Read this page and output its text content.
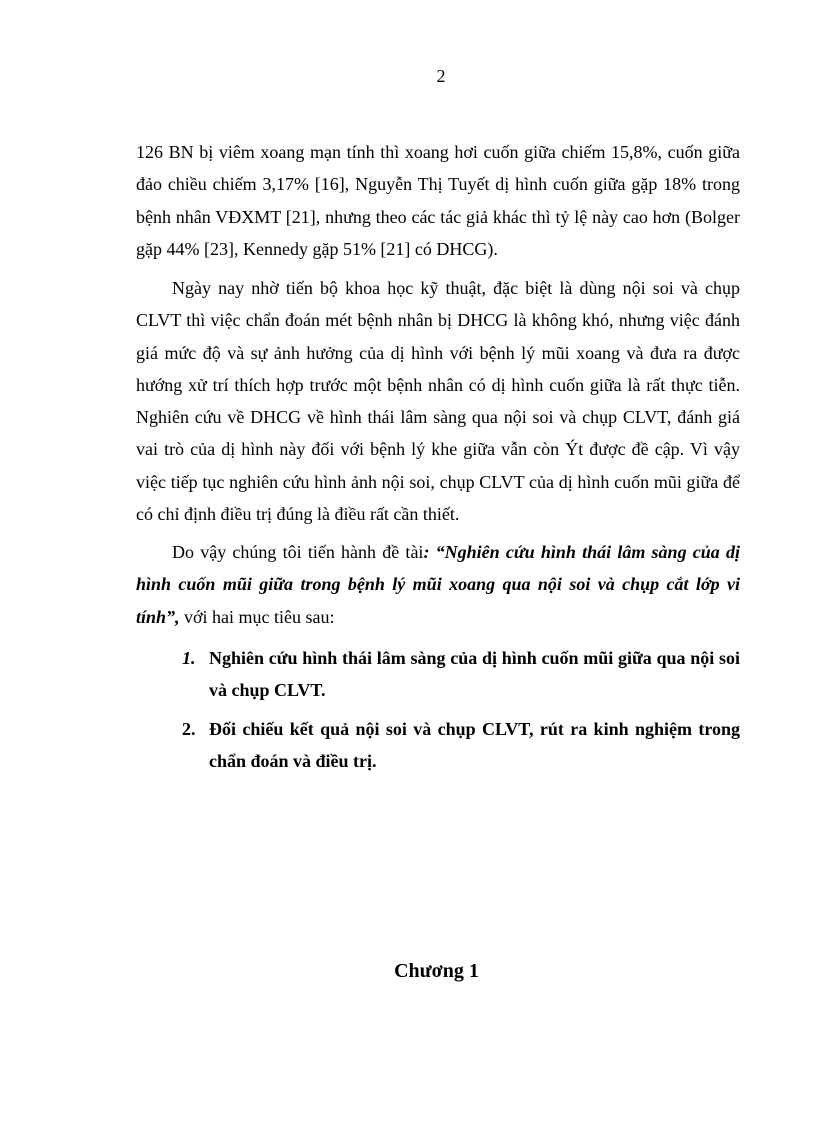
2

126 BN bị viêm xoang mạn tính thì xoang hơi cuốn giữa chiếm 15,8%, cuốn giữa đảo chiều chiếm 3,17% [16], Nguyễn Thị Tuyết dị hình cuốn giữa gặp 18% trong bệnh nhân VĐXMT [21], nhưng theo các tác giả khác thì tỷ lệ này cao hơn (Bolger gặp 44% [23], Kennedy gặp 51% [21] có DHCG).

Ngày nay nhờ tiến bộ khoa học kỹ thuật, đặc biệt là dùng nội soi và chụp CLVT thì việc chẩn đoán mét bệnh nhân bị DHCG là không khó, nhưng việc đánh giá mức độ và sự ảnh hưởng của dị hình với bệnh lý mũi xoang và đưa ra được hướng xử trí thích hợp trước một bệnh nhân có dị hình cuốn giữa là rất thực tiễn. Nghiên cứu về DHCG về hình thái lâm sàng qua nội soi và chụp CLVT, đánh giá vai trò của dị hình này đối với bệnh lý khe giữa vẫn còn Ýt được đề cập. Vì vậy việc tiếp tục nghiên cứu hình ảnh nội soi, chụp CLVT của dị hình cuốn mũi giữa để có chỉ định điều trị đúng là điều rất cần thiết.

Do vậy chúng tôi tiến hành đề tài: “Nghiên cứu hình thái lâm sàng của dị hình cuốn mũi giữa trong bệnh lý mũi xoang qua nội soi và chụp cắt lớp vi tính”, với hai mục tiêu sau:

1. Nghiên cứu hình thái lâm sàng của dị hình cuốn mũi giữa qua nội soi và chụp CLVT.
2. Đối chiếu kết quả nội soi và chụp CLVT, rút ra kinh nghiệm trong chẩn đoán và điều trị.
Chương 1
